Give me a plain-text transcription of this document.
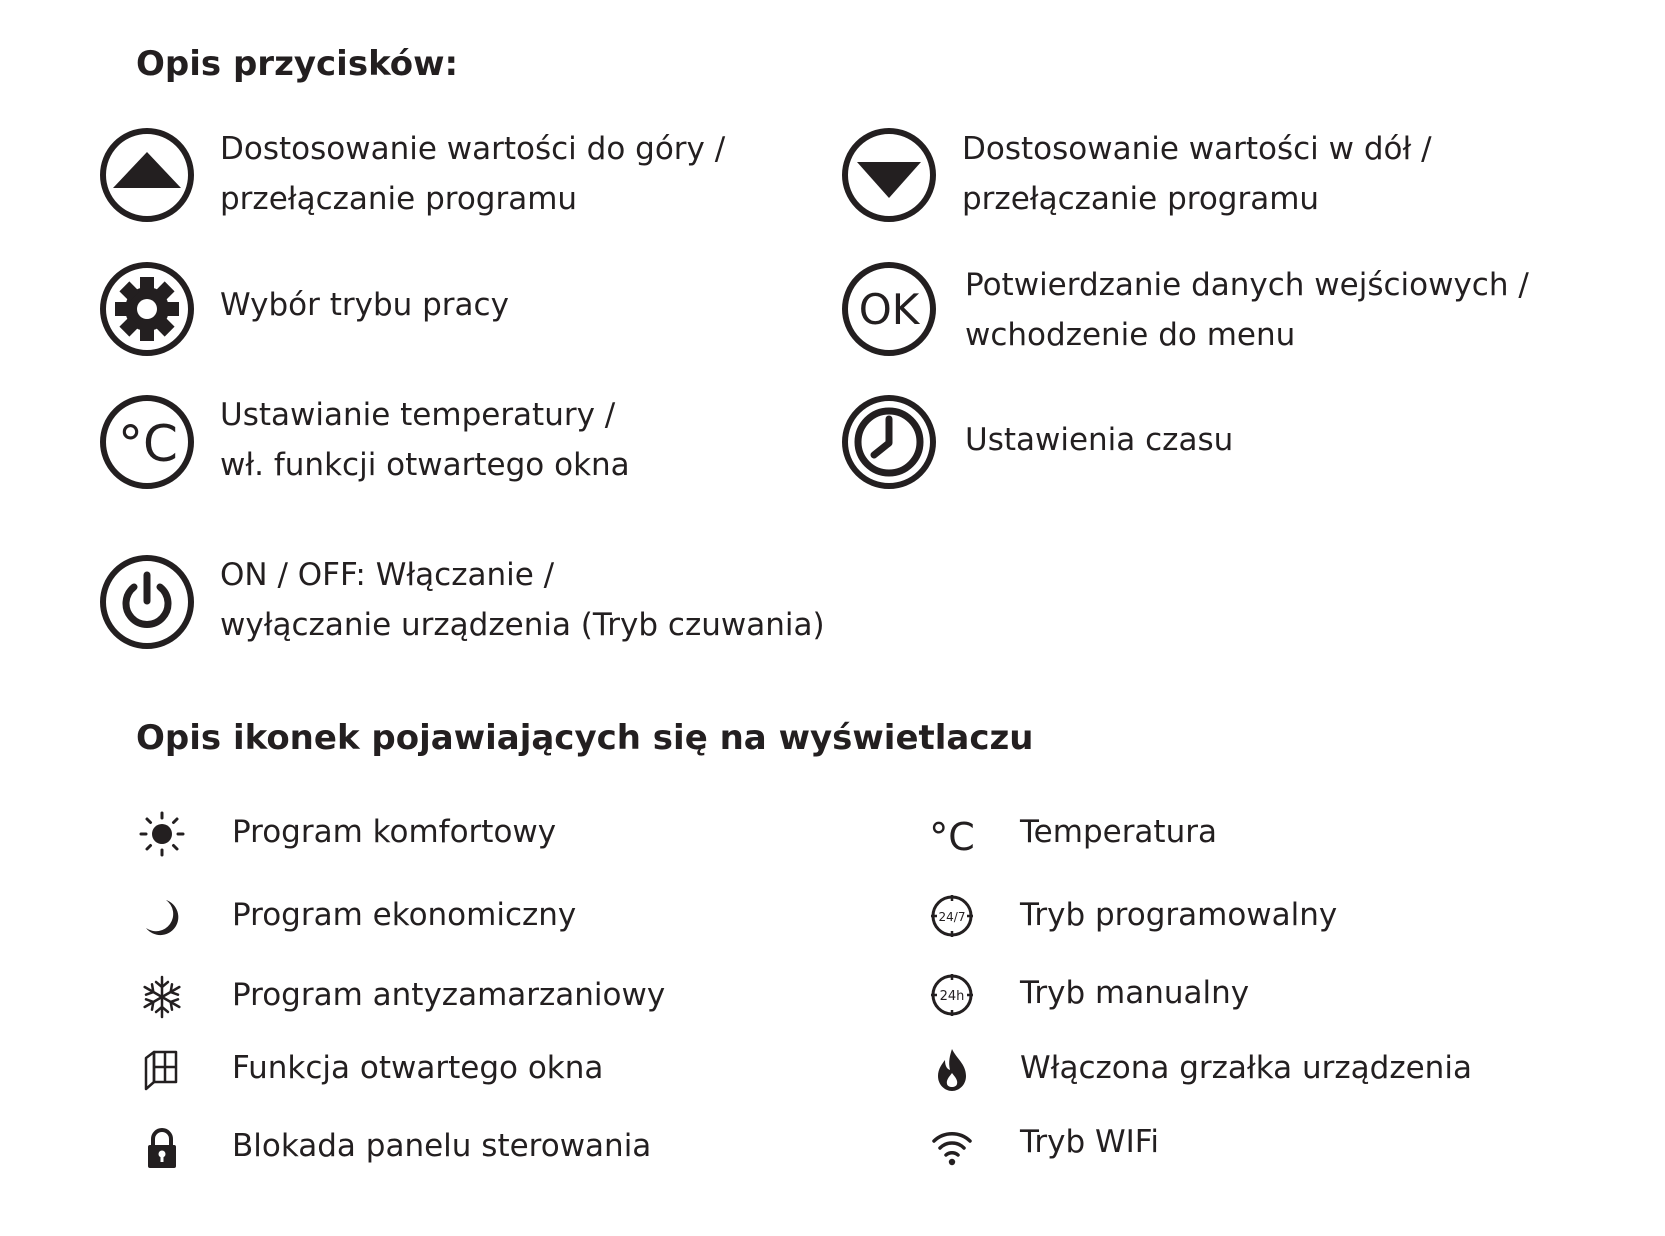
Opis przycisków:
Dostosowanie wartości do góry /
przełączanie programu
Dostosowanie wartości w dół /
przełączanie programu
Wybór trybu pracy	OK Potwierdzanie danych wejściowych /
wchodzenie do menu
°C Ustawianie temperatury /
wł. funkcji otwartego okna
Ustawienia czasu
ON / OFF: Włączanie /
wyłączanie urządzenia (Tryb czuwania)
Opis ikonek pojawiających się na wyświetlaczu
Program komfortowy
Program ekonomiczny
Program antyzamarzaniowy
Funkcja otwartego okna
Blokada panelu sterowania
°C Temperatura
24/7 Tryb programowalny
24h Tryb manualny
Włączona grzałka urządzenia
Tryb WIFi
